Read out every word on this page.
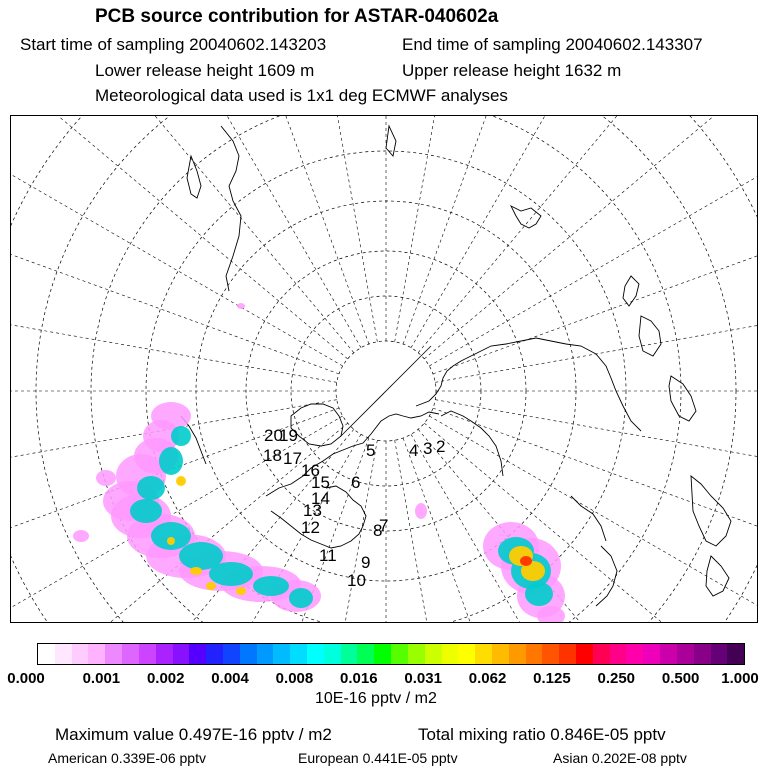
PCB source contribution for ASTAR-040602a
Start time of sampling 20040602.143203	End time of sampling 20040602.143307
Lower release height 1609 m	Upper release height 1632 m
Meteorological data used is 1x1 deg ECMWF analyses
20
19
18 17
16
15
14
13
12
11
10
9
8
7
6
5 4 3 2
0.000	0.001 0.002 0.004 0.008 0.016 0.031 0.062 0.125 0.250 0.500 1.000
10E-16 pptv / m2
Maximum value 0.497E-16 pptv / m2	Total mixing ratio 0.846E-05 pptv
American 0.339E-06 pptv	European 0.441E-05 pptv	Asian 0.202E-08 pptv
